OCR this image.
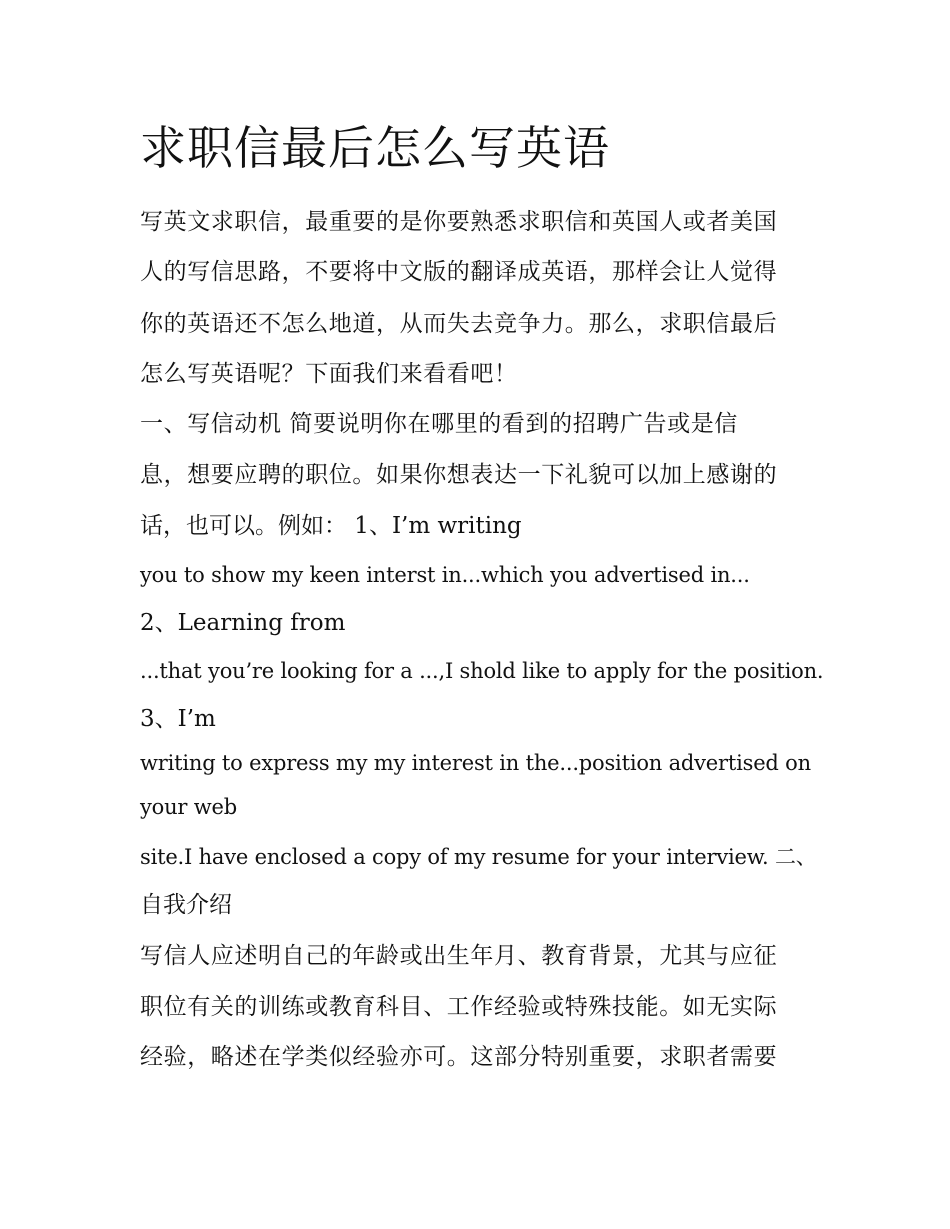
求职信最后怎么写英语
写英文求职信，最重要的是你要熟悉求职信和英国人或者美国
人的写信思路，不要将中文版的翻译成英语，那样会让人觉得
你的英语还不怎么地道，从而失去竞争力。那么，求职信最后
怎么写英语呢？下面我们来看看吧！
一、写信动机 简要说明你在哪里的看到的招聘广告或是信
息，想要应聘的职位。如果你想表达一下礼貌可以加上感谢的
话，也可以。例如： 1、I’m writing
you to show my keen interst in...which you advertised in...
2、Learning from
...that you’re looking for a ...,I shold like to apply for the position.
3、I’m
writing to express my my interest in the...position advertised on
your web
site.I have enclosed a copy of my resume for your interview. 二、
自我介绍
写信人应述明自己的年龄或出生年月、教育背景，尤其与应征
职位有关的训练或教育科目、工作经验或特殊技能。如无实际
经验，略述在学类似经验亦可。这部分特别重要，求职者需要
